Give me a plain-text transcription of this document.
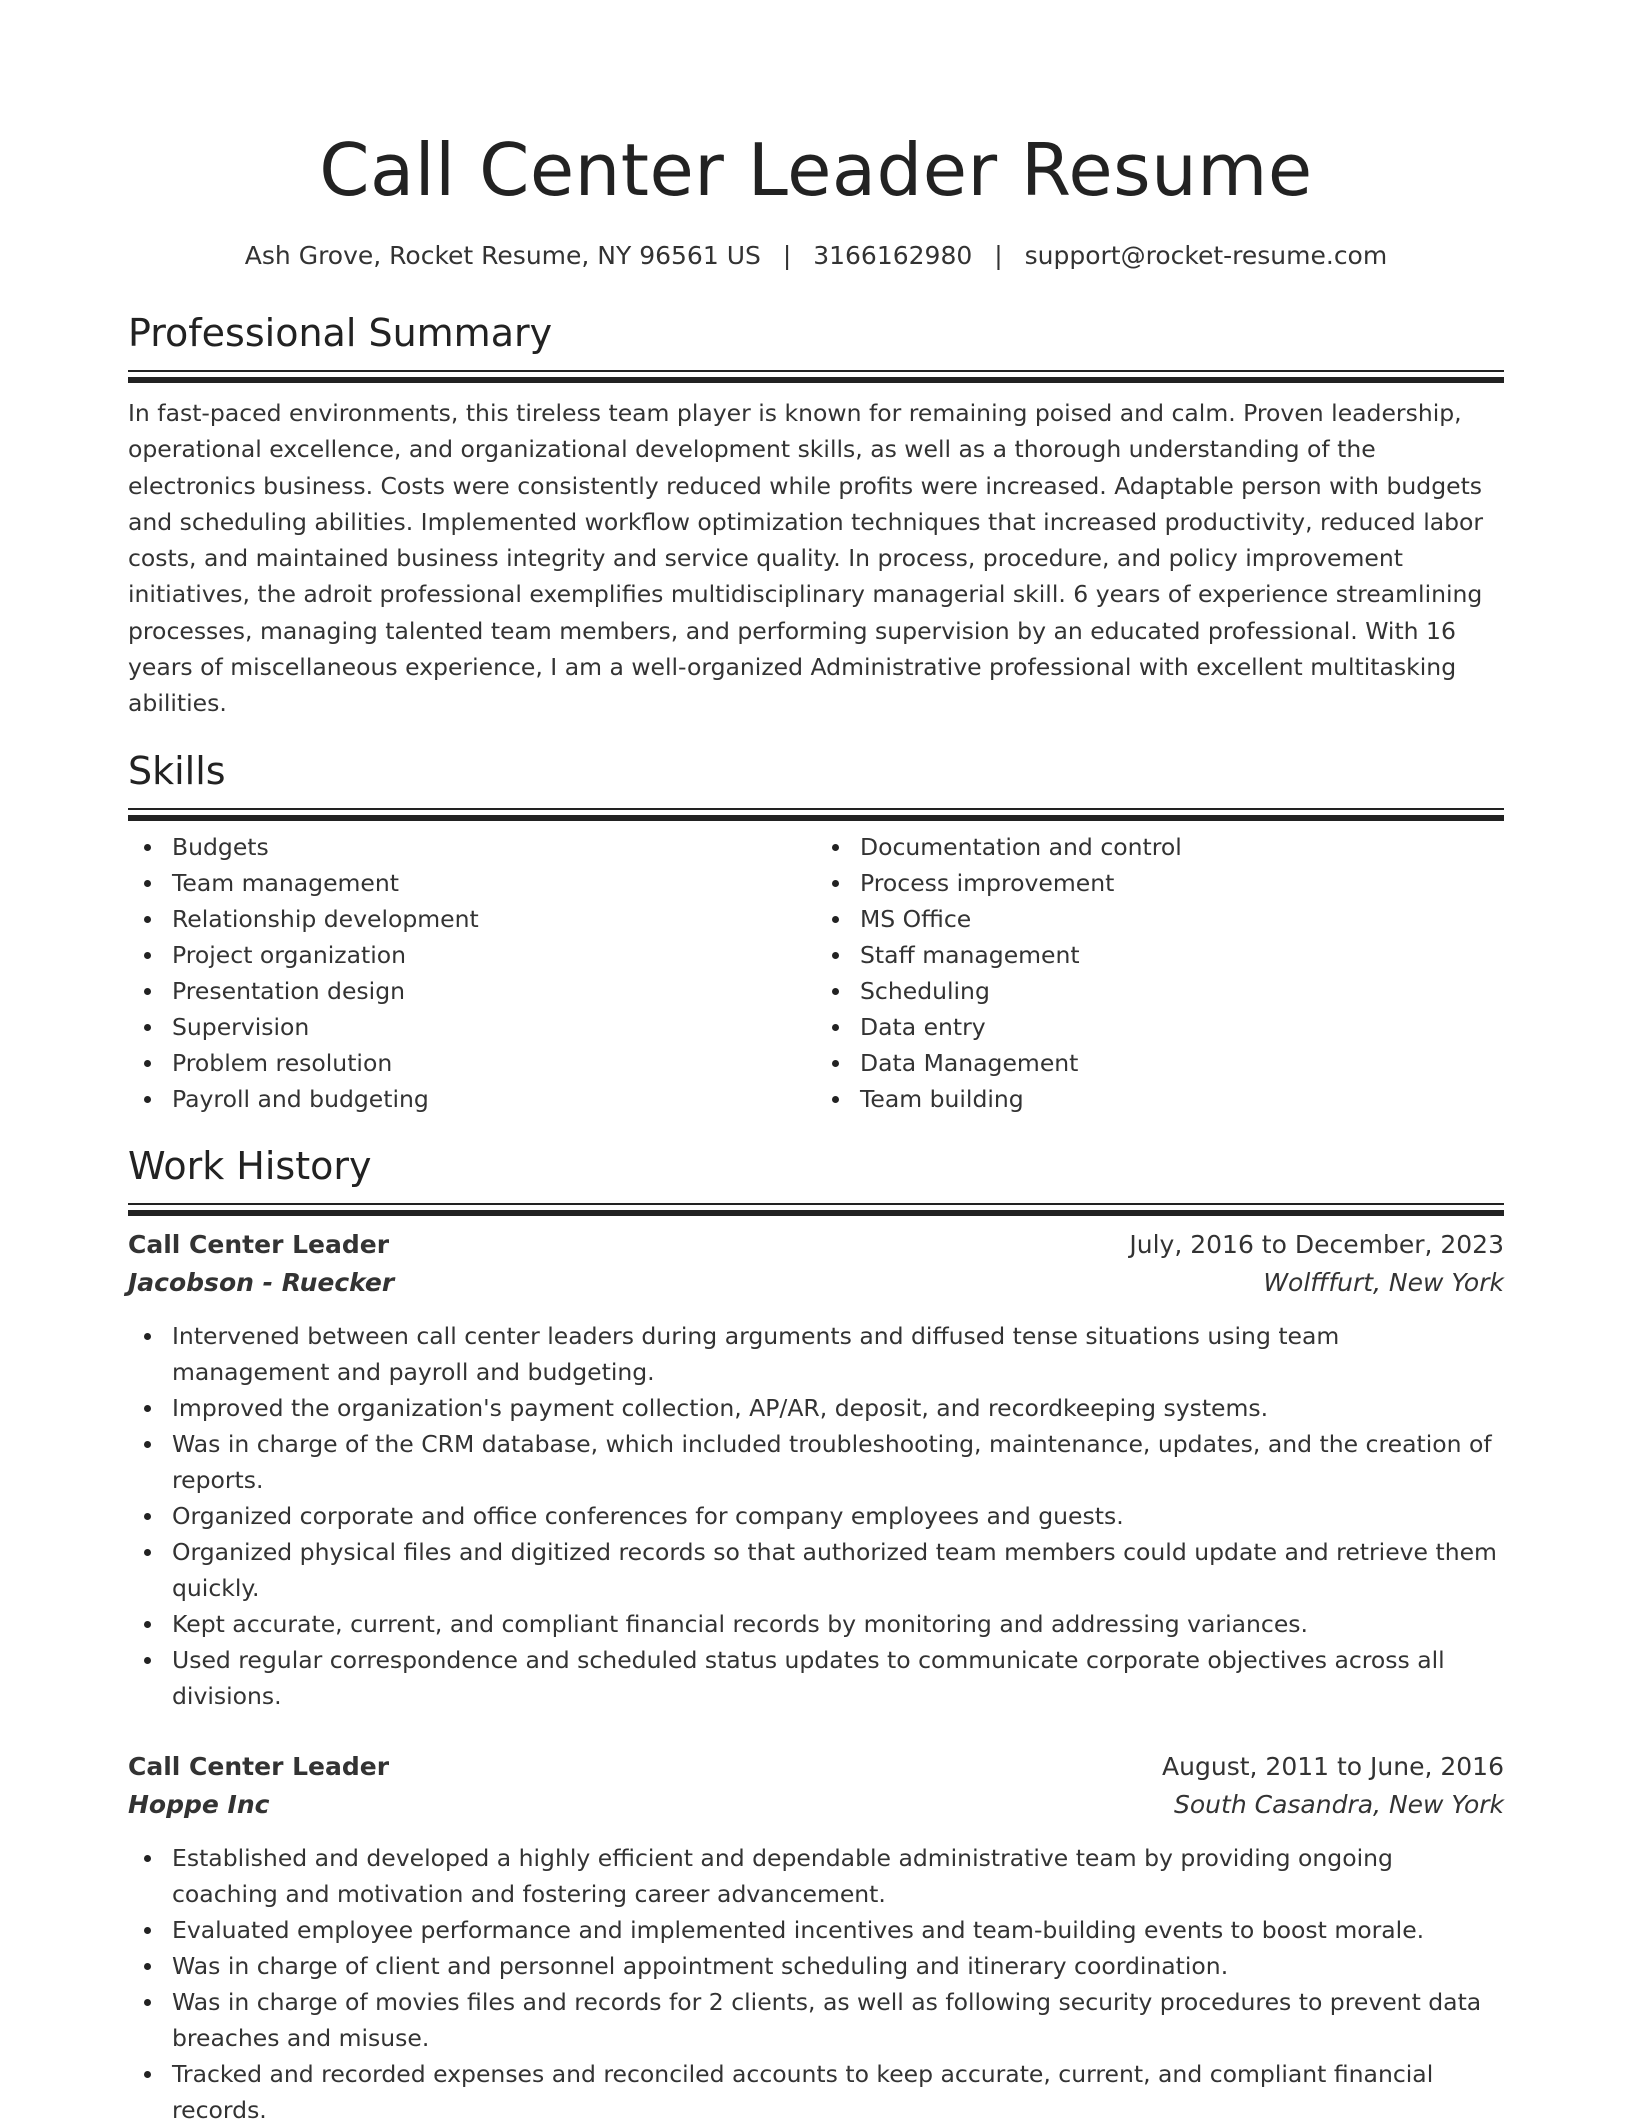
Call Center Leader Resume
Ash Grove, Rocket Resume, NY 96561 US | 3166162980 | support@rocket-resume.com
Professional Summary

In fast-paced environments, this tireless team player is known for remaining poised and calm. Proven leadership, operational excellence, and organizational development skills, as well as a thorough understanding of the electronics business. Costs were consistently reduced while profits were increased. Adaptable person with budgets and scheduling abilities. Implemented workflow optimization techniques that increased productivity, reduced labor costs, and maintained business integrity and service quality. In process, procedure, and policy improvement initiatives, the adroit professional exemplifies multidisciplinary managerial skill. 6 years of experience streamlining processes, managing talented team members, and performing supervision by an educated professional. With 16 years of miscellaneous experience, I am a well-organized Administrative professional with excellent multitasking abilities.

Skills
Budgets
Team management
Relationship development
Project organization
Presentation design
Supervision
Problem resolution
Payroll and budgeting
Documentation and control
Process improvement
MS Office
Staff management
Scheduling
Data entry
Data Management
Team building
Work History
Call Center Leader	July, 2016 to December, 2023
Jacobson - Ruecker	Wolfffurt, New York
Intervened between call center leaders during arguments and diffused tense situations using team management and payroll and budgeting.
Improved the organization's payment collection, AP/AR, deposit, and recordkeeping systems.
Was in charge of the CRM database, which included troubleshooting, maintenance, updates, and the creation of reports.
Organized corporate and office conferences for company employees and guests.
Organized physical files and digitized records so that authorized team members could update and retrieve them quickly.
Kept accurate, current, and compliant financial records by monitoring and addressing variances.
Used regular correspondence and scheduled status updates to communicate corporate objectives across all divisions.
Call Center Leader	August, 2011 to June, 2016
Hoppe Inc	South Casandra, New York
Established and developed a highly efficient and dependable administrative team by providing ongoing coaching and motivation and fostering career advancement.
Evaluated employee performance and implemented incentives and team-building events to boost morale.
Was in charge of client and personnel appointment scheduling and itinerary coordination.
Was in charge of movies files and records for 2 clients, as well as following security procedures to prevent data breaches and misuse.
Tracked and recorded expenses and reconciled accounts to keep accurate, current, and compliant financial records.
